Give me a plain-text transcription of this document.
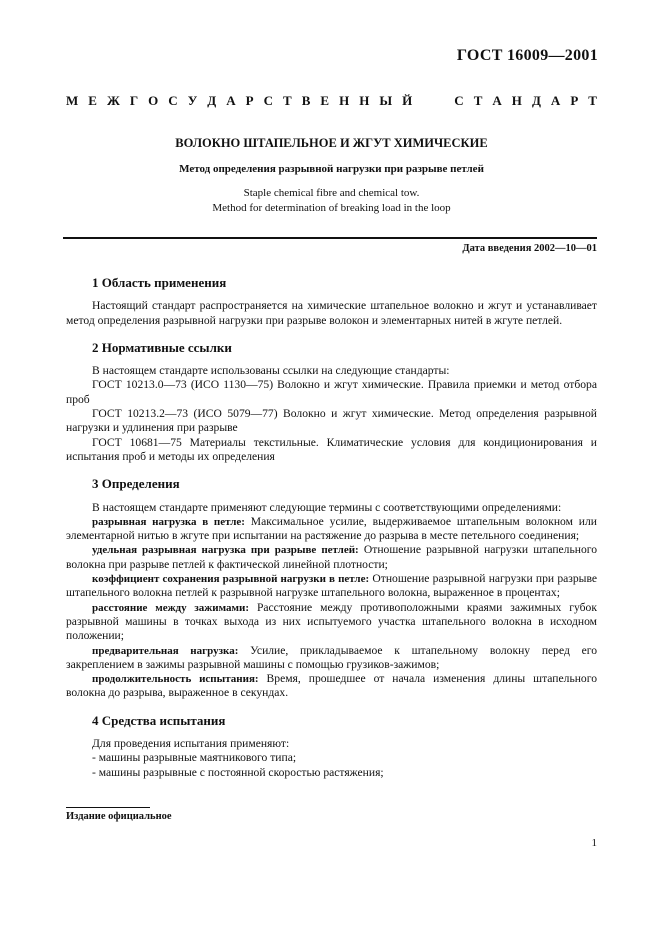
ГОСТ 16009—2001
М Е Ж Г О С У Д А Р С Т В Е Н Н Ы Й	С Т А Н Д А Р Т
ВОЛОКНО ШТАПЕЛЬНОЕ И ЖГУТ ХИМИЧЕСКИЕ
Метод определения разрывной нагрузки при разрыве петлей
Staple chemical fibre and chemical tow.
Method for determination of breaking load in the loop
Дата введения 2002—10—01
1 Область применения

Настоящий стандарт распространяется на химические штапельное волокно и жгут и устанавливает метод определения разрывной нагрузки при разрыве волокон и элементарных нитей в жгуте петлей.

2 Нормативные ссылки

В настоящем стандарте использованы ссылки на следующие стандарты:

ГОСТ 10213.0—73 (ИСО 1130—75) Волокно и жгут химические. Правила приемки и метод отбора проб

ГОСТ 10213.2—73 (ИСО 5079—77) Волокно и жгут химические. Метод определения разрывной нагрузки и удлинения при разрыве

ГОСТ 10681—75 Материалы текстильные. Климатические условия для кондиционирования и испытания проб и методы их определения

3 Определения

В настоящем стандарте применяют следующие термины с соответствующими определениями:

разрывная нагрузка в петле: Максимальное усилие, выдерживаемое штапельным волокном или элементарной нитью в жгуте при испытании на растяжение до разрыва в месте петельного соединения;

удельная разрывная нагрузка при разрыве петлей: Отношение разрывной нагрузки штапельного волокна при разрыве петлей к фактической линейной плотности;

коэффициент сохранения разрывной нагрузки в петле: Отношение разрывной нагрузки при разрыве штапельного волокна петлей к разрывной нагрузке штапельного волокна, выраженное в процентах;

расстояние между зажимами: Расстояние между противоположными краями зажимных губок разрывной машины в точках выхода из них испытуемого участка штапельного волокна в исходном положении;

предварительная нагрузка: Усилие, прикладываемое к штапельному волокну перед его закреплением в зажимы разрывной машины с помощью грузиков-зажимов;

продолжительность испытания: Время, прошедшее от начала изменения длины штапельного волокна до разрыва, выраженное в секундах.

4 Средства испытания

Для проведения испытания применяют:

- машины разрывные маятникового типа;

- машины разрывные с постоянной скоростью растяжения;

Издание официальное
1
